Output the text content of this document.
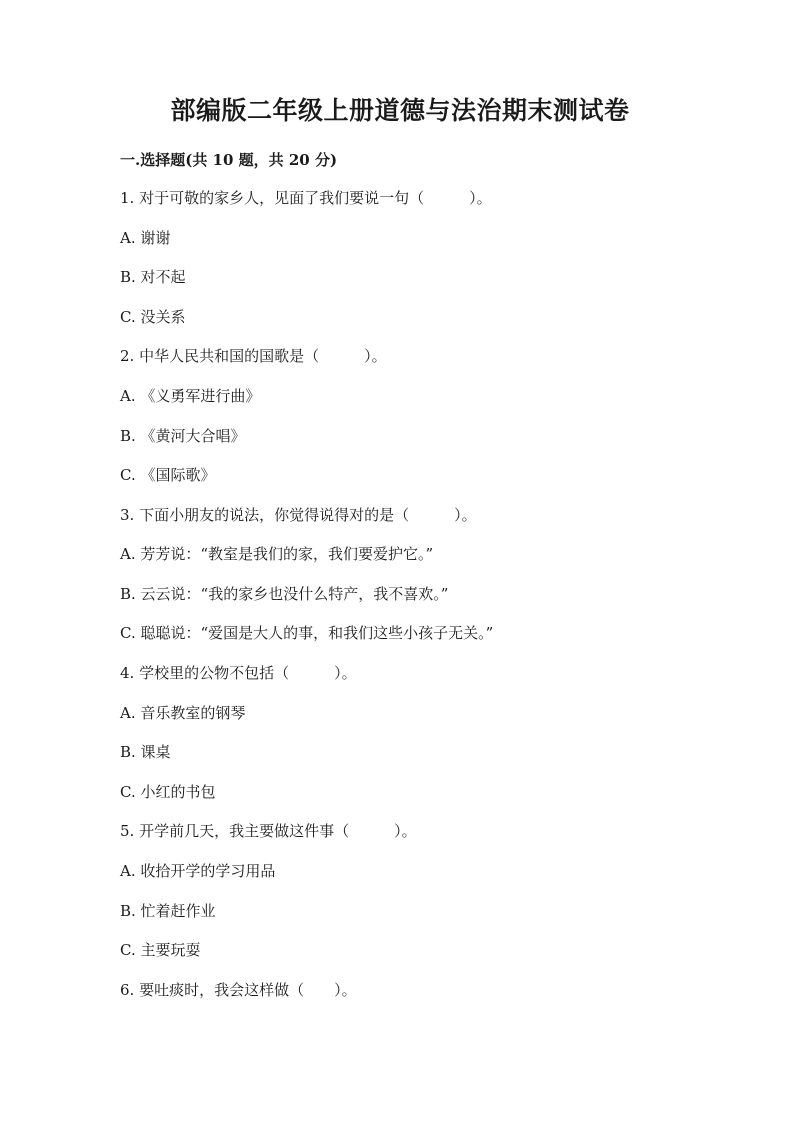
部编版二年级上册道德与法治期末测试卷
一.选择题(共 10 题，共 20 分)
1. 对于可敬的家乡人，见面了我们要说一句（　　　）。
A. 谢谢
B. 对不起
C. 没关系
2. 中华人民共和国的国歌是（　　　）。
A. 《义勇军进行曲》
B. 《黄河大合唱》
C. 《国际歌》
3. 下面小朋友的说法，你觉得说得对的是（　　　）。
A. 芳芳说：“教室是我们的家，我们要爱护它。”
B. 云云说：“我的家乡也没什么特产，我不喜欢。”
C. 聪聪说：“爱国是大人的事，和我们这些小孩子无关。”
4. 学校里的公物不包括（　　　）。
A. 音乐教室的钢琴
B. 课桌
C. 小红的书包
5. 开学前几天，我主要做这件事（　　　）。
A. 收拾开学的学习用品
B. 忙着赶作业
C. 主要玩耍
6. 要吐痰时，我会这样做（　　）。
